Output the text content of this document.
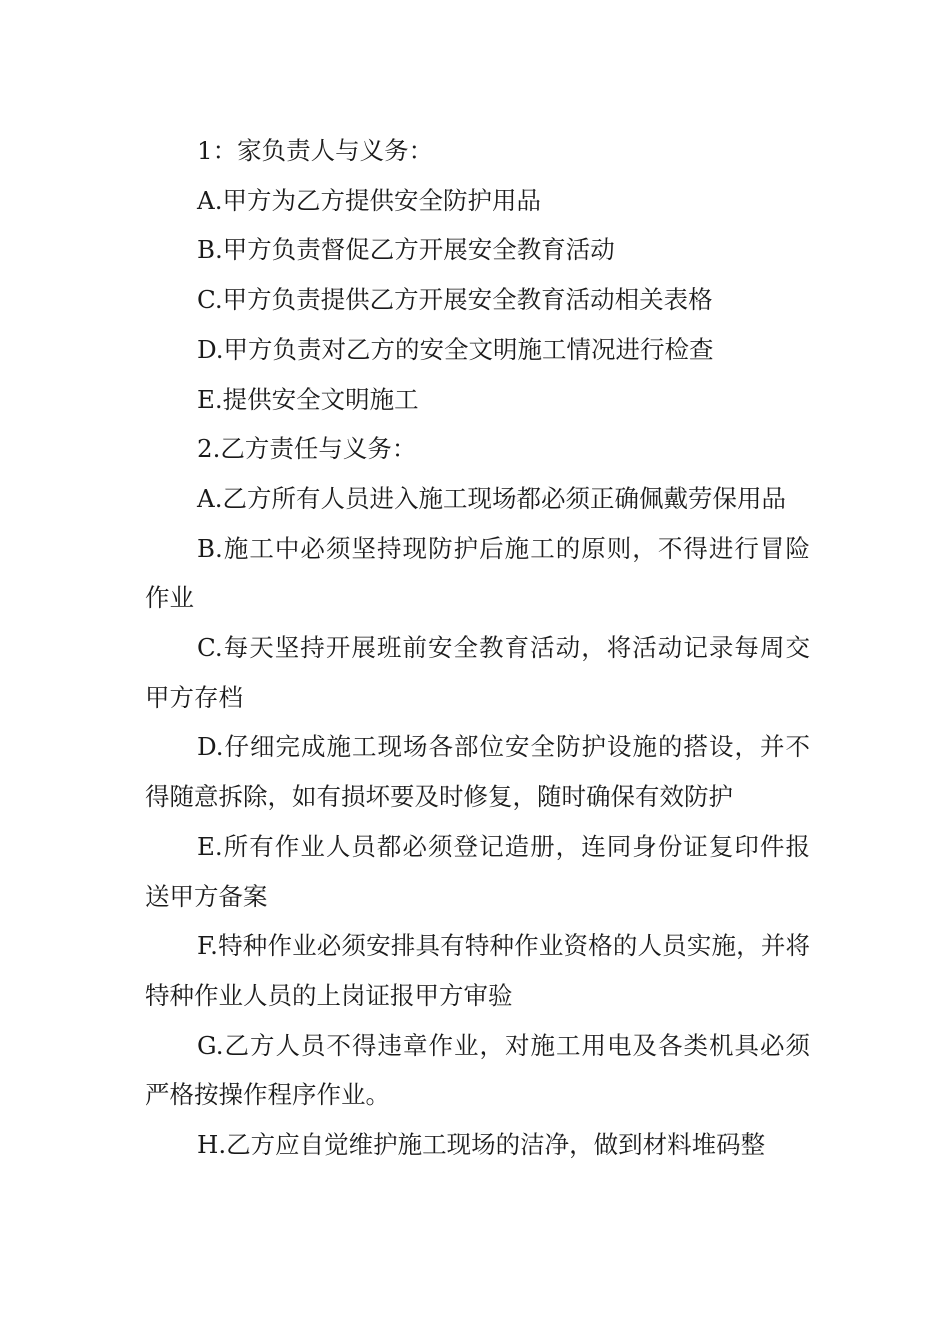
1：家负责人与义务：

A.甲方为乙方提供安全防护用品

B.甲方负责督促乙方开展安全教育活动

C.甲方负责提供乙方开展安全教育活动相关表格

D.甲方负责对乙方的安全文明施工情况进行检查

E.提供安全文明施工

2.乙方责任与义务：

A.乙方所有人员进入施工现场都必须正确佩戴劳保用品

B.施工中必须坚持现防护后施工的原则，不得进行冒险作业

C.每天坚持开展班前安全教育活动，将活动记录每周交甲方存档

D.仔细完成施工现场各部位安全防护设施的搭设，并不得随意拆除，如有损坏要及时修复，随时确保有效防护

E.所有作业人员都必须登记造册，连同身份证复印件报送甲方备案

F.特种作业必须安排具有特种作业资格的人员实施，并将特种作业人员的上岗证报甲方审验

G.乙方人员不得违章作业，对施工用电及各类机具必须严格按操作程序作业。

H.乙方应自觉维护施工现场的洁净，做到材料堆码整
